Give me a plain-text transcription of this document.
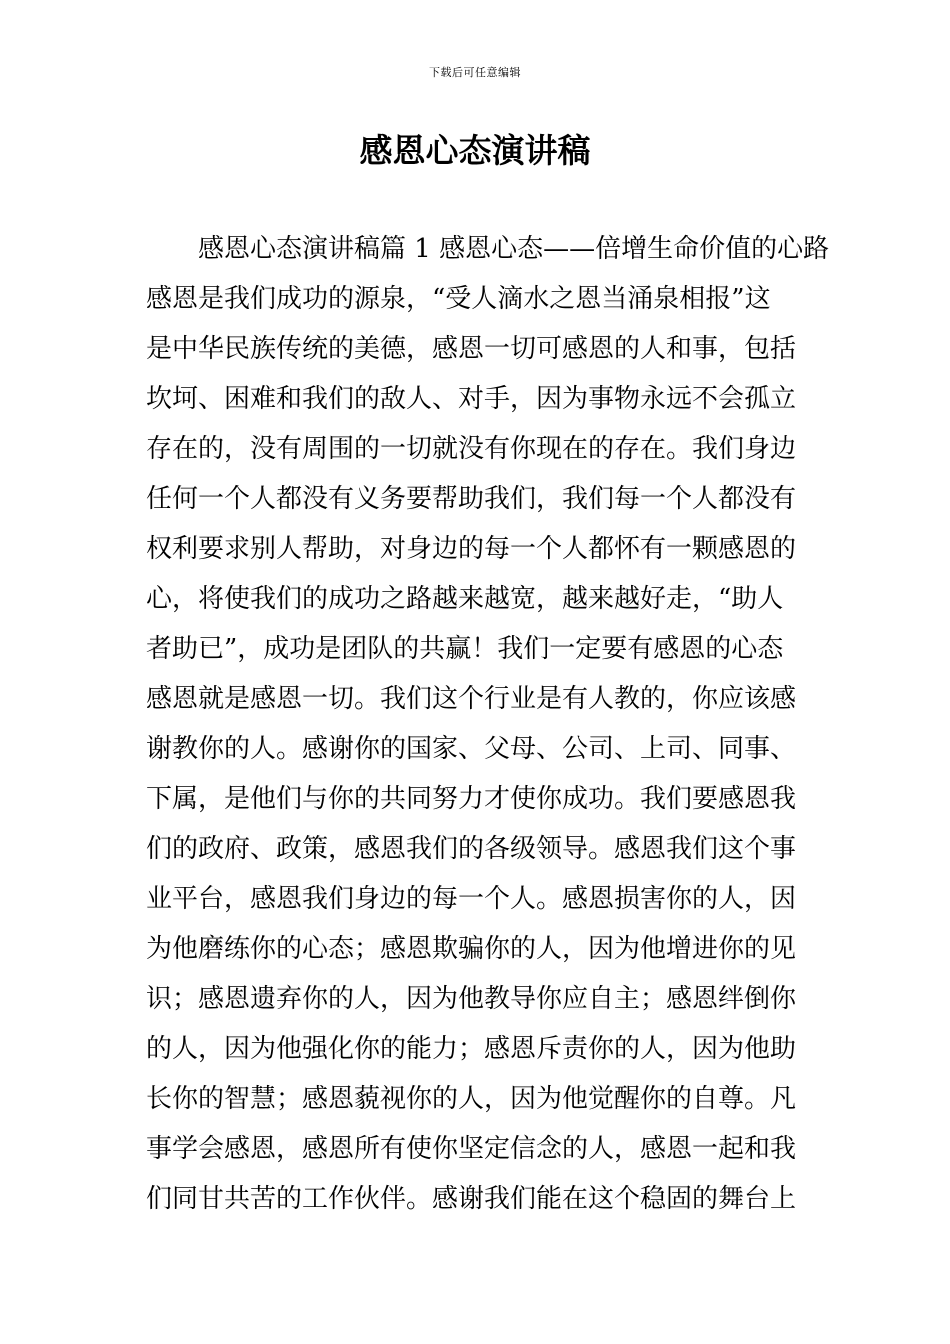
下载后可任意编辑
感恩心态演讲稿
感恩心态演讲稿篇 1 感恩心态——倍增生命价值的心路
感恩是我们成功的源泉，“受人滴水之恩当涌泉相报”这
是中华民族传统的美德，感恩一切可感恩的人和事，包括
坎坷、困难和我们的敌人、对手，因为事物永远不会孤立
存在的，没有周围的一切就没有你现在的存在。我们身边
任何一个人都没有义务要帮助我们，我们每一个人都没有
权利要求别人帮助，对身边的每一个人都怀有一颗感恩的
心，将使我们的成功之路越来越宽，越来越好走，“助人
者助已”，成功是团队的共赢！我们一定要有感恩的心态
感恩就是感恩一切。我们这个行业是有人教的，你应该感
谢教你的人。感谢你的国家、父母、公司、上司、同事、
下属，是他们与你的共同努力才使你成功。我们要感恩我
们的政府、政策，感恩我们的各级领导。感恩我们这个事
业平台，感恩我们身边的每一个人。感恩损害你的人，因
为他磨练你的心态；感恩欺骗你的人，因为他增进你的见
识；感恩遗弃你的人，因为他教导你应自主；感恩绊倒你
的人，因为他强化你的能力；感恩斥责你的人，因为他助
长你的智慧；感恩藐视你的人，因为他觉醒你的自尊。凡
事学会感恩，感恩所有使你坚定信念的人，感恩一起和我
们同甘共苦的工作伙伴。感谢我们能在这个稳固的舞台上
